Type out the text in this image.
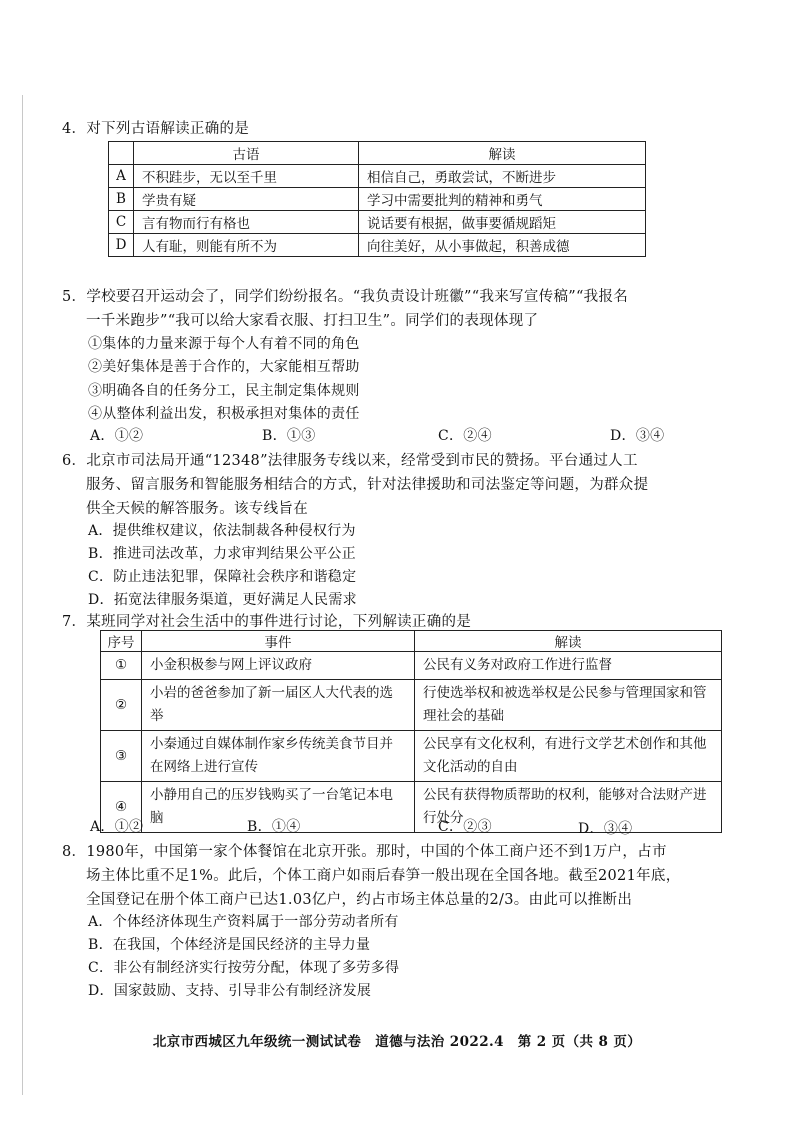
4．对下列古语解读正确的是
	古语	解读
A	不积跬步，无以至千里	相信自己，勇敢尝试，不断进步
B	学贵有疑	学习中需要批判的精神和勇气
C	言有物而行有格也	说话要有根据，做事要循规蹈矩
D	人有耻，则能有所不为	向往美好，从小事做起，积善成德
5．学校要召开运动会了，同学们纷纷报名。“我负责设计班徽”“我来写宣传稿”“我报名
一千米跑步”“我可以给大家看衣服、打扫卫生”。同学们的表现体现了
①集体的力量来源于每个人有着不同的角色
②美好集体是善于合作的，大家能相互帮助
③明确各自的任务分工，民主制定集体规则
④从整体利益出发，积极承担对集体的责任
A．①②	B．①③	C．②④	D．③④
6．北京市司法局开通“12348”法律服务专线以来，经常受到市民的赞扬。平台通过人工
服务、留言服务和智能服务相结合的方式，针对法律援助和司法鉴定等问题，为群众提
供全天候的解答服务。该专线旨在
A．提供维权建议，依法制裁各种侵权行为
B．推进司法改革，力求审判结果公平公正
C．防止违法犯罪，保障社会秩序和谐稳定
D．拓宽法律服务渠道，更好满足人民需求
7．某班同学对社会生活中的事件进行讨论，下列解读正确的是
序号	事件	解读
①	小金积极参与网上评议政府	公民有义务对政府工作进行监督
②	小岩的爸爸参加了新一届区人大代表的选举	行使选举权和被选举权是公民参与管理国家和管理社会的基础
③	小秦通过自媒体制作家乡传统美食节目并在网络上进行宣传	公民享有文化权利，有进行文学艺术创作和其他文化活动的自由
④	小静用自己的压岁钱购买了一台笔记本电脑	公民有获得物质帮助的权利，能够对合法财产进行处分
A．①②	B．①④	C．②③	D．③④
8．1980年，中国第一家个体餐馆在北京开张。那时，中国的个体工商户还不到1万户，占市
场主体比重不足1%。此后，个体工商户如雨后春笋一般出现在全国各地。截至2021年底，
全国登记在册个体工商户已达1.03亿户，约占市场主体总量的2/3。由此可以推断出
A．个体经济体现生产资料属于一部分劳动者所有
B．在我国，个体经济是国民经济的主导力量
C．非公有制经济实行按劳分配，体现了多劳多得
D．国家鼓励、支持、引导非公有制经济发展
北京市西城区九年级统一测试试卷　道德与法治 2022.4　第 2 页（共 8 页）
